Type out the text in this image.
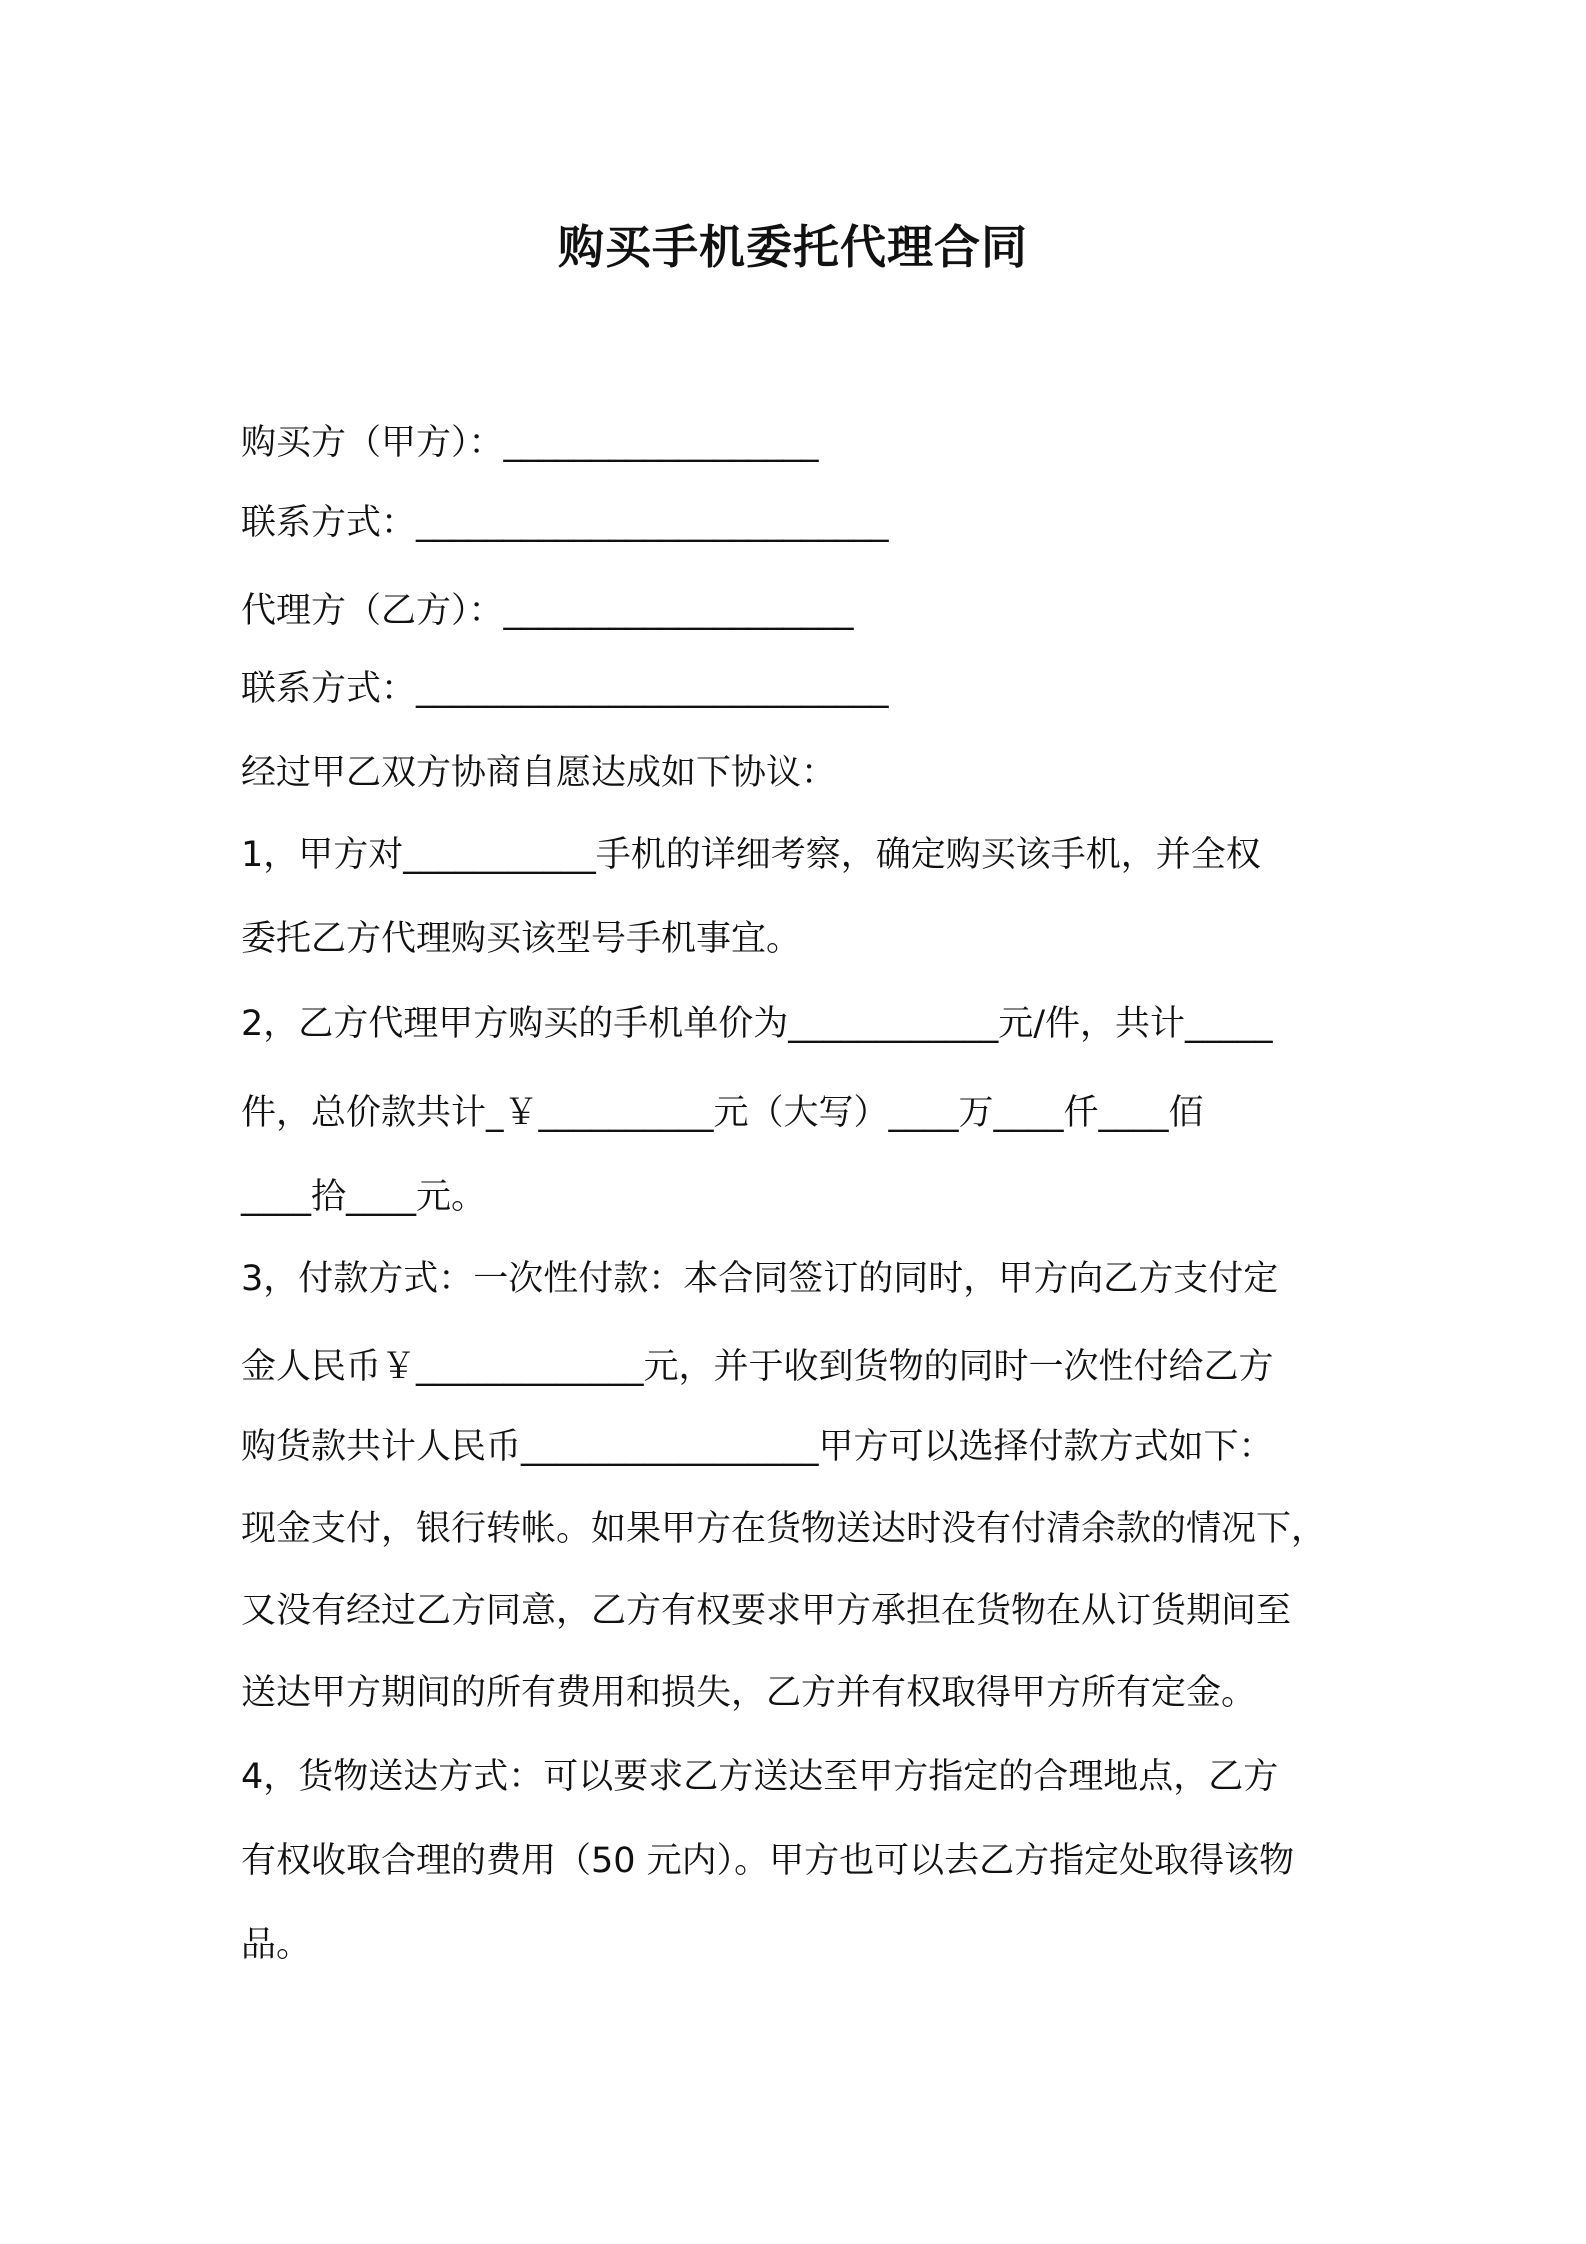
购买手机委托代理合同
购买方（甲方）：__________________
联系方式：___________________________
代理方（乙方）：____________________
联系方式：___________________________
经过甲乙双方协商自愿达成如下协议：
1，甲方对___________手机的详细考察，确定购买该手机，并全权
委托乙方代理购买该型号手机事宜。
2，乙方代理甲方购买的手机单价为____________元/件，共计_____
件，总价款共计_￥__________元（大写）____万____仟____佰
____拾____元。
3，付款方式：一次性付款：本合同签订的同时，甲方向乙方支付定
金人民币￥_____________元，并于收到货物的同时一次性付给乙方
购货款共计人民币_________________甲方可以选择付款方式如下：
现金支付，银行转帐。如果甲方在货物送达时没有付清余款的情况下，
又没有经过乙方同意，乙方有权要求甲方承担在货物在从订货期间至
送达甲方期间的所有费用和损失，乙方并有权取得甲方所有定金。
4，货物送达方式：可以要求乙方送达至甲方指定的合理地点，乙方
有权收取合理的费用（50 元内）。甲方也可以去乙方指定处取得该物
品。
